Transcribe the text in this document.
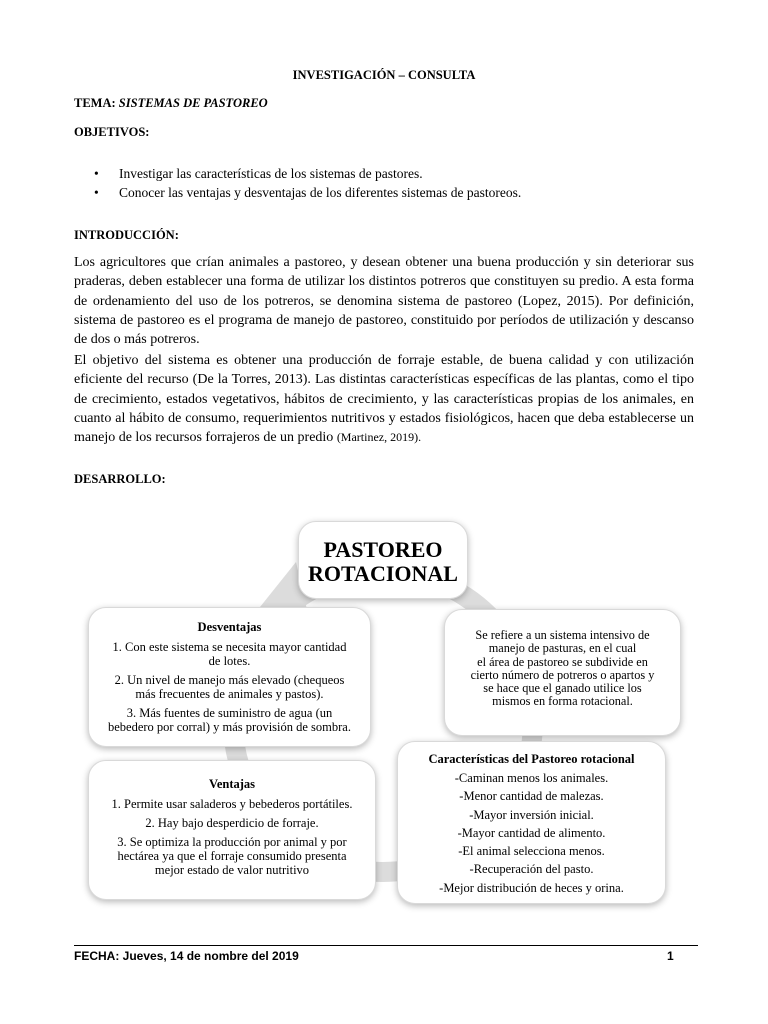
INVESTIGACIÓN – CONSULTA
TEMA: SISTEMAS DE PASTOREO
OBJETIVOS:
• Investigar las características de los sistemas de pastores.
• Conocer las ventajas y desventajas de los diferentes sistemas de pastoreos.
INTRODUCCIÓN:

Los agricultores que crían animales a pastoreo, y desean obtener una buena producción y sin deteriorar sus praderas, deben establecer una forma de utilizar los distintos potreros que constituyen su predio. A esta forma de ordenamiento del uso de los potreros, se denomina sistema de pastoreo (Lopez, 2015). Por definición, sistema de pastoreo es el programa de manejo de pastoreo, constituido por períodos de utilización y descanso de dos o más potreros.

El objetivo del sistema es obtener una producción de forraje estable, de buena calidad y con utilización eficiente del recurso (De la Torres, 2013). Las distintas características específicas de las plantas, como el tipo de crecimiento, estados vegetativos, hábitos de crecimiento, y las características propias de los animales, en cuanto al hábito de consumo, requerimientos nutritivos y estados fisiológicos, hacen que deba establecerse un manejo de los recursos forrajeros de un predio (Martinez, 2019).

DESARROLLO:
PASTOREO
ROTACIONAL
Desventajas
1. Con este sistema se necesita mayor cantidad de lotes.
2. Un nivel de manejo más elevado (chequeos más frecuentes de animales y pastos).
3. Más fuentes de suministro de agua (un bebedero por corral) y más provisión de sombra.
Ventajas
1. Permite usar saladeros y bebederos portátiles.
2. Hay bajo desperdicio de forraje.
3. Se optimiza la producción por animal y por hectárea ya que el forraje consumido presenta mejor estado de valor nutritivo
Se refiere a un sistema intensivo de
manejo de pasturas, en el cual
el área de pastoreo se subdivide en
cierto número de potreros o apartos y
se hace que el ganado utilice los
mismos en forma rotacional.
Características del Pastoreo rotacional
-Caminan menos los animales.
-Menor cantidad de malezas.
-Mayor inversión inicial.
-Mayor cantidad de alimento.
-El animal selecciona menos.
-Recuperación del pasto.
-Mejor distribución de heces y orina.
FECHA: Jueves, 14 de nombre del 2019	1
